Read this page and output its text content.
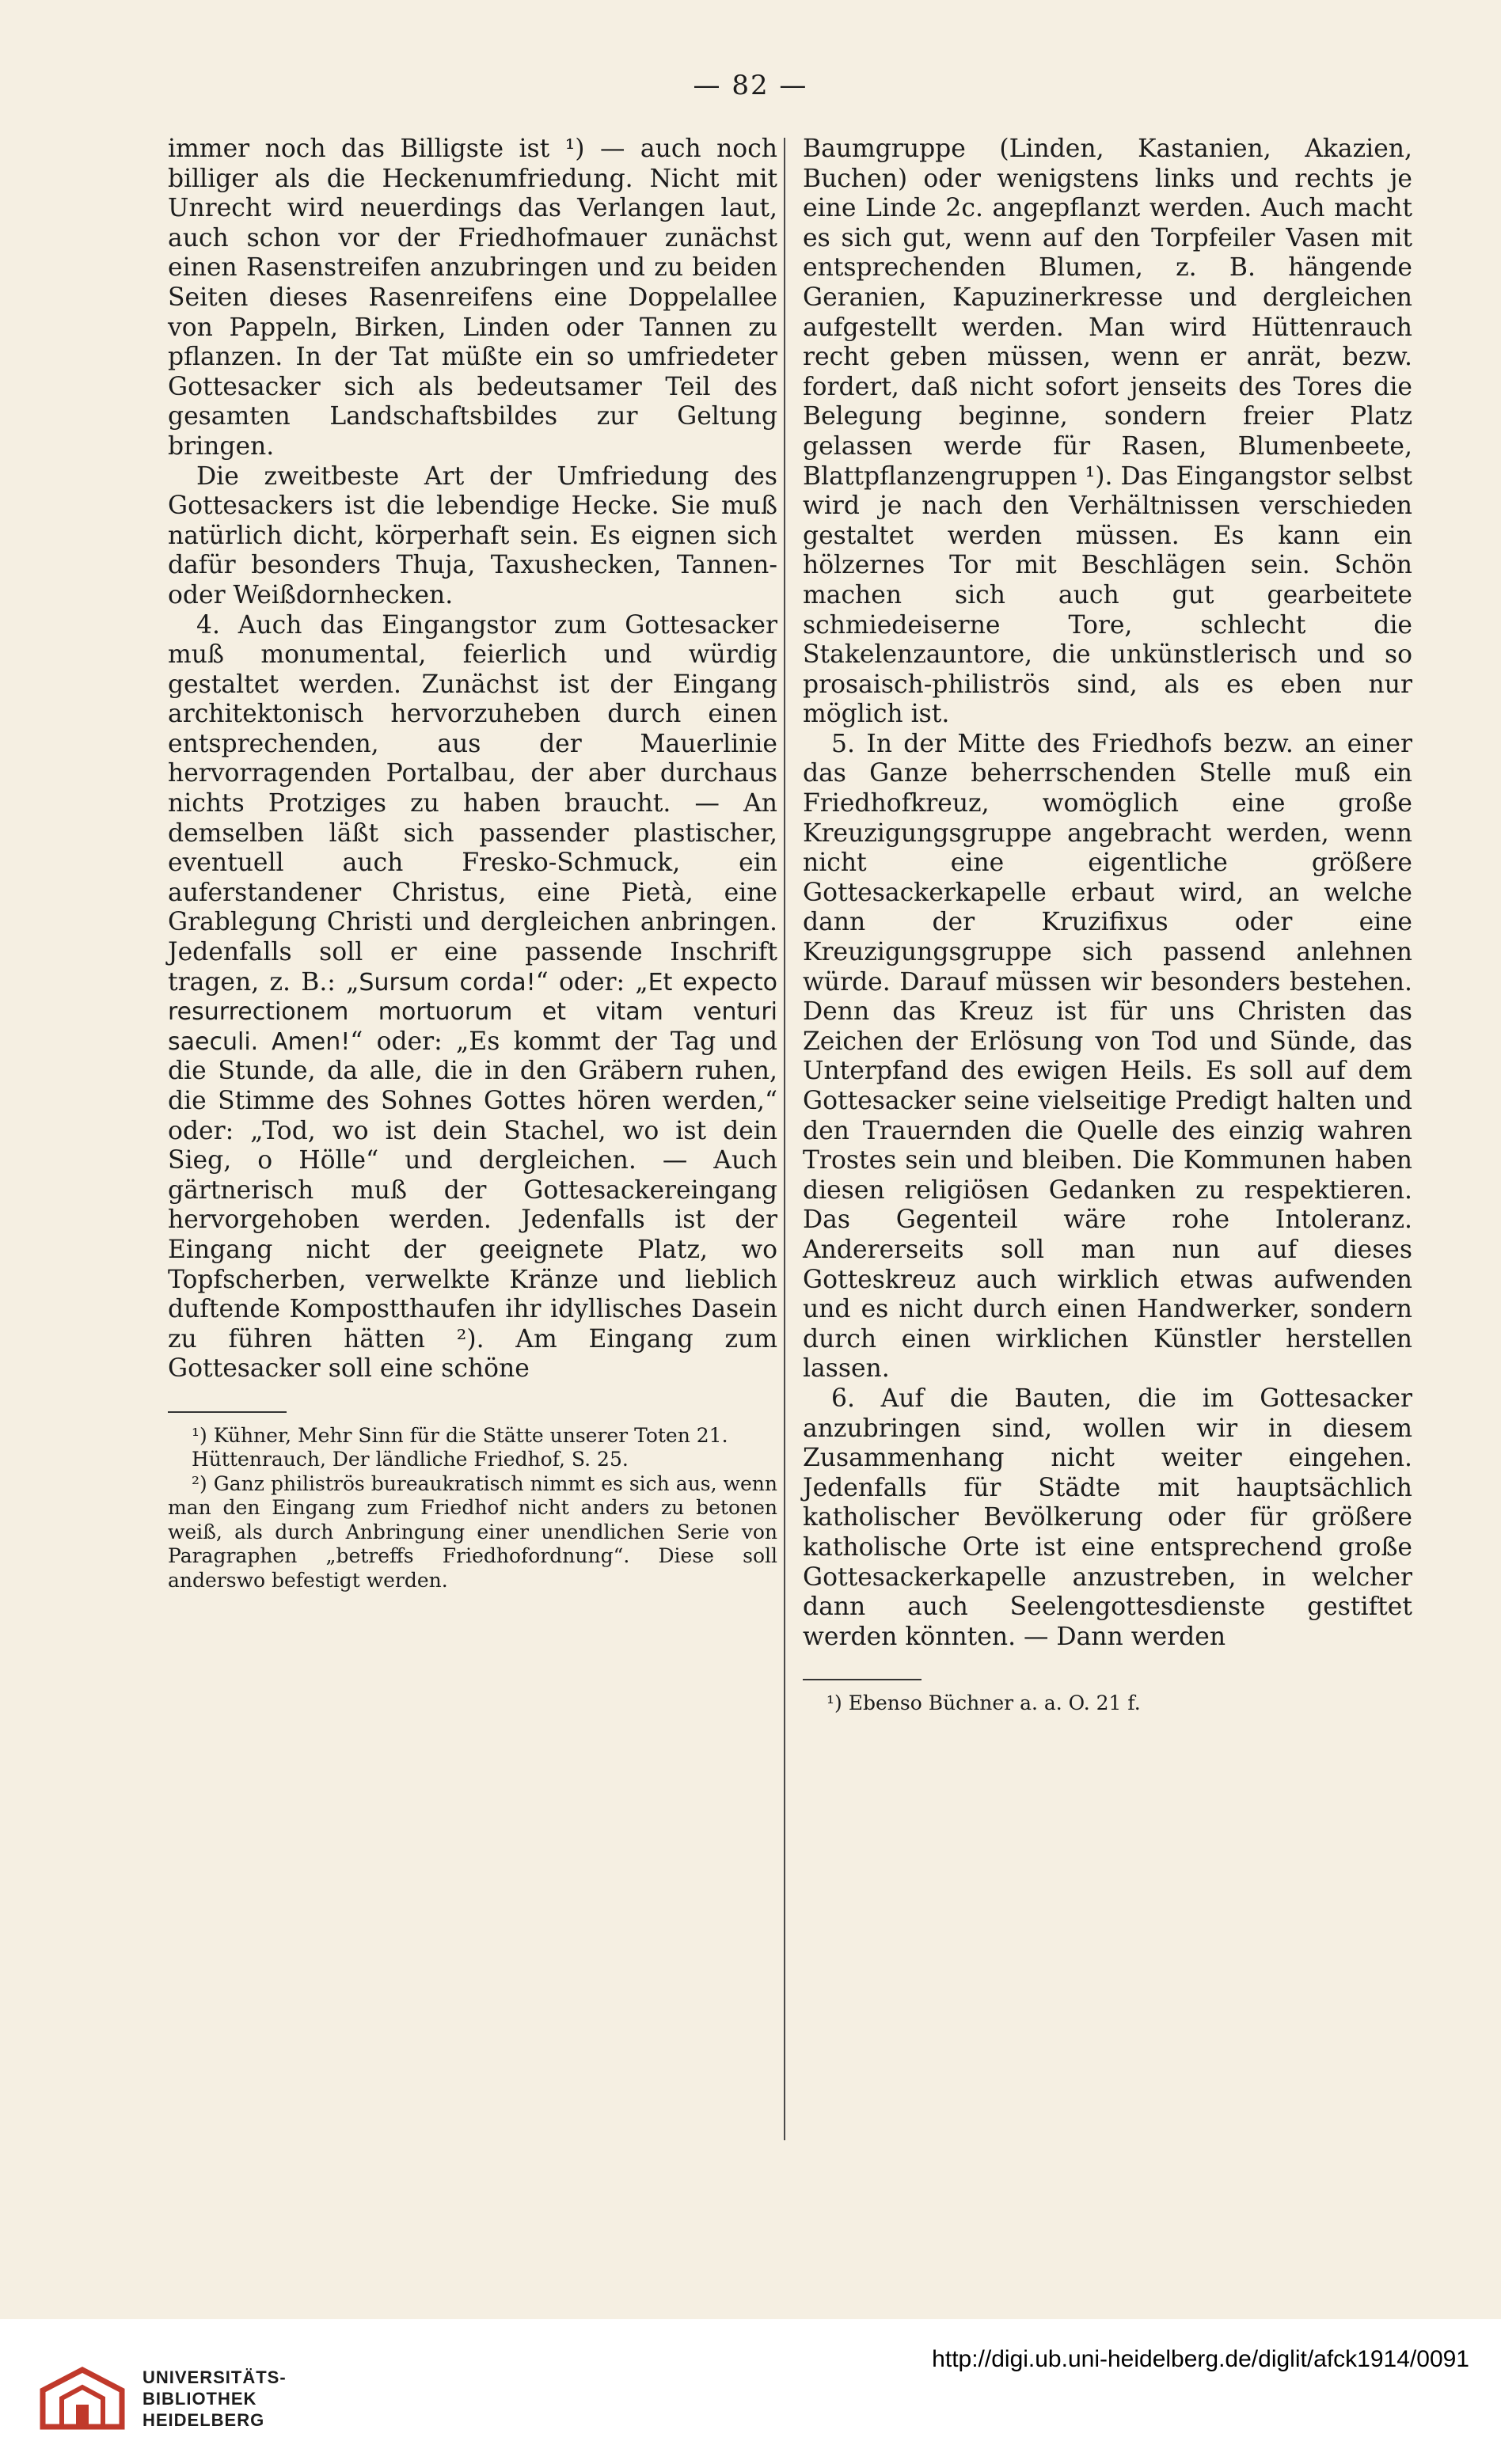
— 82 —

immer noch das Billigste ist ¹) — auch noch billiger als die Heckenumfriedung. Nicht mit Unrecht wird neuerdings das Verlangen laut, auch schon vor der Friedhofmauer zunächst einen Rasenstreifen anzubringen und zu beiden Seiten dieses Rasenreifens eine Doppelallee von Pappeln, Birken, Linden oder Tannen zu pflanzen. In der Tat müßte ein so umfriedeter Gottesacker sich als bedeutsamer Teil des gesamten Landschaftsbildes zur Geltung bringen.

Die zweitbeste Art der Umfriedung des Gottesackers ist die lebendige Hecke. Sie muß natürlich dicht, körperhaft sein. Es eignen sich dafür besonders Thuja, Taxushecken, Tannen- oder Weißdornhecken.

4. Auch das Eingangstor zum Gottesacker muß monumental, feierlich und würdig gestaltet werden. Zunächst ist der Eingang architektonisch hervorzuheben durch einen entsprechenden, aus der Mauerlinie hervorragenden Portalbau, der aber durchaus nichts Protziges zu haben braucht. — An demselben läßt sich passender plastischer, eventuell auch Fresko-Schmuck, ein auferstandener Christus, eine Pietà, eine Grablegung Christi und dergleichen anbringen. Jedenfalls soll er eine passende Inschrift tragen, z. B.: „Sursum corda!“ oder: „Et expecto resurrectionem mortuorum et vitam venturi saeculi. Amen!“ oder: „Es kommt der Tag und die Stunde, da alle, die in den Gräbern ruhen, die Stimme des Sohnes Gottes hören werden,“ oder: „Tod, wo ist dein Stachel, wo ist dein Sieg, o Hölle“ und dergleichen. — Auch gärtnerisch muß der Gottesackereingang hervorgehoben werden. Jedenfalls ist der Eingang nicht der geeignete Platz, wo Topfscherben, verwelkte Kränze und lieblich duftende Kompostthaufen ihr idyllisches Dasein zu führen hätten ²). Am Eingang zum Gottesacker soll eine schöne

¹) Kühner, Mehr Sinn für die Stätte unserer Toten 21.

Hüttenrauch, Der ländliche Friedhof, S. 25.

²) Ganz philiströs bureaukratisch nimmt es sich aus, wenn man den Eingang zum Friedhof nicht anders zu betonen weiß, als durch Anbringung einer unendlichen Serie von Paragraphen „betreffs Friedhofordnung“. Diese soll anderswo befestigt werden.

Baumgruppe (Linden, Kastanien, Akazien, Buchen) oder wenigstens links und rechts je eine Linde 2c. angepflanzt werden. Auch macht es sich gut, wenn auf den Torpfeiler Vasen mit entsprechenden Blumen, z. B. hängende Geranien, Kapuzinerkresse und dergleichen aufgestellt werden. Man wird Hüttenrauch recht geben müssen, wenn er anrät, bezw. fordert, daß nicht sofort jenseits des Tores die Belegung beginne, sondern freier Platz gelassen werde für Rasen, Blumenbeete, Blattpflanzengruppen ¹). Das Eingangstor selbst wird je nach den Verhältnissen verschieden gestaltet werden müssen. Es kann ein hölzernes Tor mit Beschlägen sein. Schön machen sich auch gut gearbeitete schmiedeiserne Tore, schlecht die Stakelenzauntore, die unkünstlerisch und so prosaisch-philiströs sind, als es eben nur möglich ist.

5. In der Mitte des Friedhofs bezw. an einer das Ganze beherrschenden Stelle muß ein Friedhofkreuz, womöglich eine große Kreuzigungsgruppe angebracht werden, wenn nicht eine eigentliche größere Gottesackerkapelle erbaut wird, an welche dann der Kruzifixus oder eine Kreuzigungsgruppe sich passend anlehnen würde. Darauf müssen wir besonders bestehen. Denn das Kreuz ist für uns Christen das Zeichen der Erlösung von Tod und Sünde, das Unterpfand des ewigen Heils. Es soll auf dem Gottesacker seine vielseitige Predigt halten und den Trauernden die Quelle des einzig wahren Trostes sein und bleiben. Die Kommunen haben diesen religiösen Gedanken zu respektieren. Das Gegenteil wäre rohe Intoleranz. Andererseits soll man nun auf dieses Gotteskreuz auch wirklich etwas aufwenden und es nicht durch einen Handwerker, sondern durch einen wirklichen Künstler herstellen lassen.

6. Auf die Bauten, die im Gottesacker anzubringen sind, wollen wir in diesem Zusammenhang nicht weiter eingehen. Jedenfalls für Städte mit hauptsächlich katholischer Bevölkerung oder für größere katholische Orte ist eine entsprechend große Gottesackerkapelle anzustreben, in welcher dann auch Seelengottesdienste gestiftet werden könnten. — Dann werden

¹) Ebenso Büchner a. a. O. 21 f.

UNIVERSITÄTS-
BIBLIOTHEK
HEIDELBERG
http://digi.ub.uni-heidelberg.de/diglit/afck1914/0091
